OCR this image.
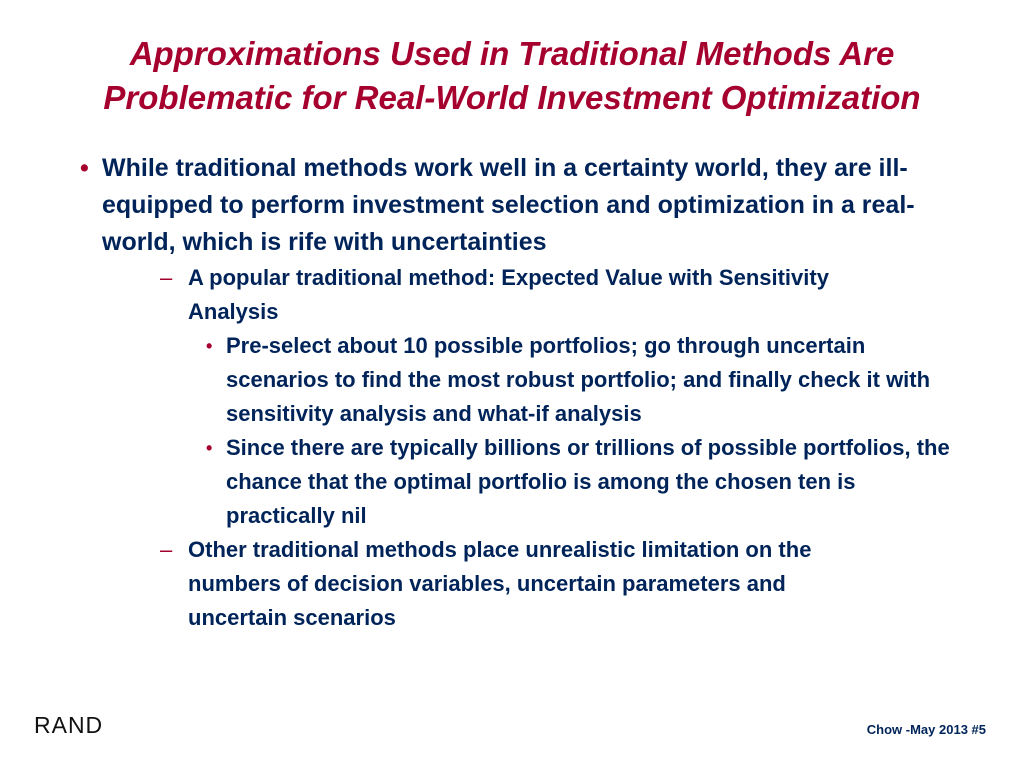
Approximations Used in Traditional Methods Are
Problematic for Real-World Investment Optimization
• While traditional methods work well in a certainty world, they are ill-equipped to perform investment selection and optimization in a real-world, which is rife with uncertainties
– A popular traditional method: Expected Value with Sensitivity Analysis
• Pre-select about 10 possible portfolios; go through uncertain scenarios to find the most robust portfolio; and finally check it with sensitivity analysis and what-if analysis
• Since there are typically billions or trillions of possible portfolios, the chance that the optimal portfolio is among the chosen ten is practically nil
– Other traditional methods place unrealistic limitation on the numbers of decision variables, uncertain parameters and uncertain scenarios
RAND	Chow -May 2013 #5
